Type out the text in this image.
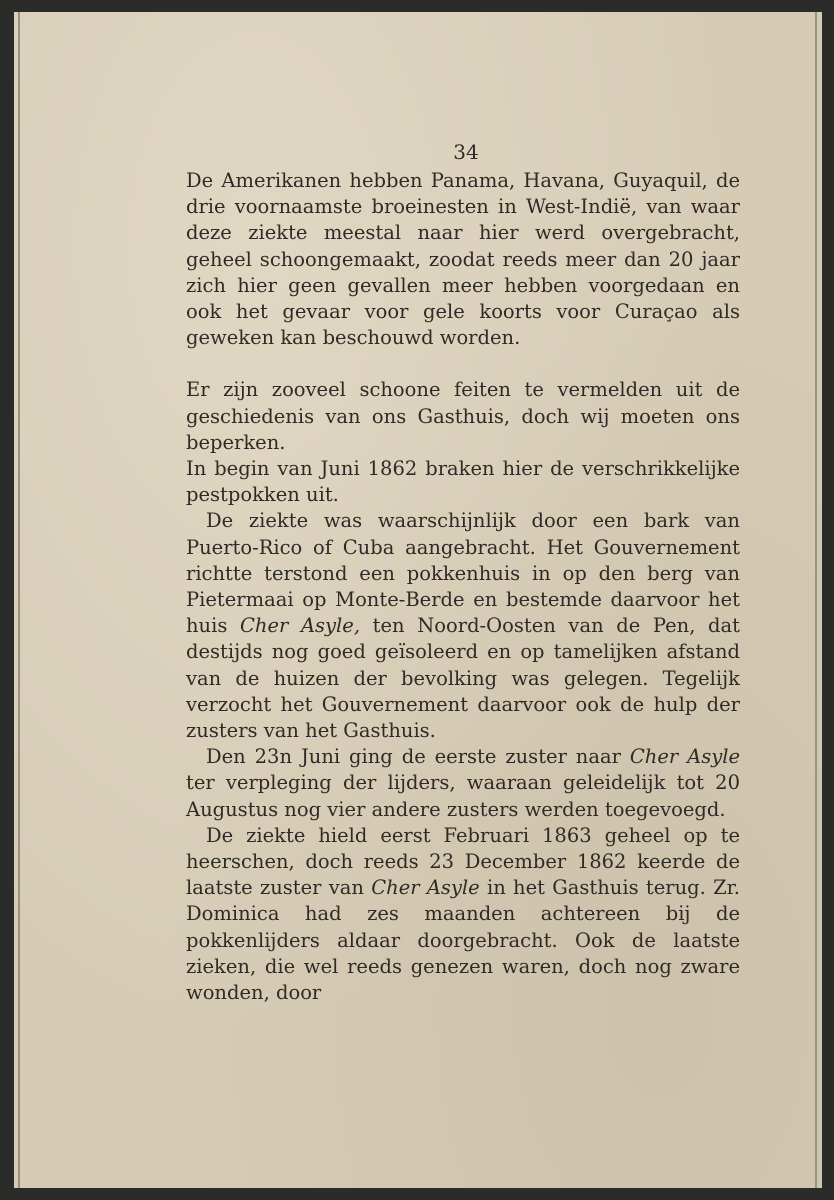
34

De Amerikanen hebben Panama, Havana, Guyaquil, de drie voornaamste broeinesten in West-Indië, van waar deze ziekte meestal naar hier werd overgebracht, geheel schoongemaakt, zoodat reeds meer dan 20 jaar zich hier geen gevallen meer hebben voorgedaan en ook het gevaar voor gele koorts voor Curaçao als geweken kan beschouwd worden.

Er zijn zooveel schoone feiten te vermelden uit de geschiedenis van ons Gasthuis, doch wij moeten ons beperken.

In begin van Juni 1862 braken hier de verschrikkelijke pestpokken uit.

De ziekte was waarschijnlijk door een bark van Puerto-Rico of Cuba aangebracht. Het Gouvernement richtte terstond een pokkenhuis in op den berg van Pietermaai op Monte-Berde en bestemde daarvoor het huis Cher Asyle, ten Noord-Oosten van de Pen, dat destijds nog goed geïsoleerd en op tamelijken afstand van de huizen der bevolking was gelegen. Tegelijk verzocht het Gouvernement daarvoor ook de hulp der zusters van het Gasthuis.

Den 23n Juni ging de eerste zuster naar Cher Asyle ter verpleging der lijders, waaraan geleidelijk tot 20 Augustus nog vier andere zusters werden toegevoegd.

De ziekte hield eerst Februari 1863 geheel op te heerschen, doch reeds 23 December 1862 keerde de laatste zuster van Cher Asyle in het Gasthuis terug. Zr. Dominica had zes maanden achtereen bij de pokkenlijders aldaar doorgebracht. Ook de laatste zieken, die wel reeds genezen waren, doch nog zware wonden, door
